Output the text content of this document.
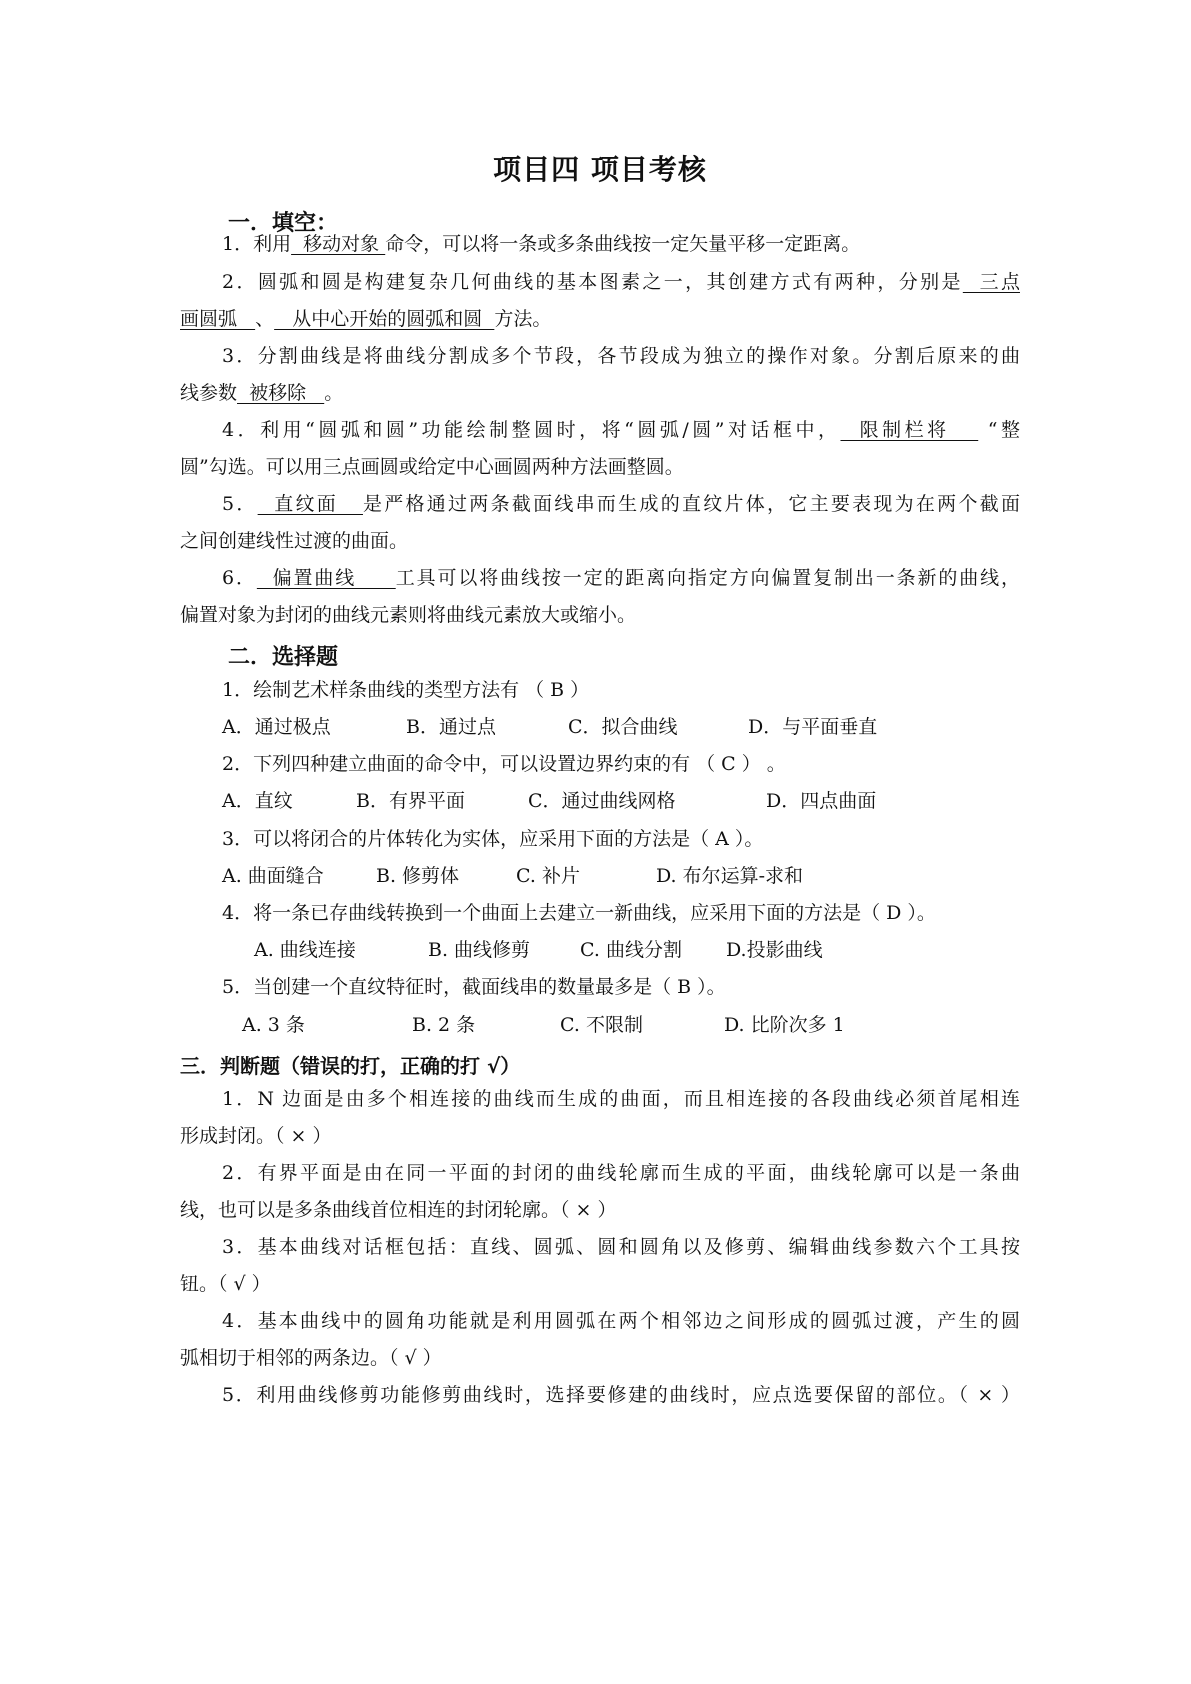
项目四 项目考核
一．填空：
1．利用  移动对象 命令，可以将一条或多条曲线按一定矢量平移一定距离。
2．圆弧和圆是构建复杂几何曲线的基本图素之一，其创建方式有两种，分别是  三点
画圆弧   、   从中心开始的圆弧和圆  方法。
3．分割曲线是将曲线分割成多个节段，各节段成为独立的操作对象。分割后原来的曲
线参数  被移除   。
4．利用“圆弧和圆”功能绘制整圆时，将“圆弧/圆”对话框中，  限制栏将    “整
圆”勾选。可以用三点画圆或给定中心画圆两种方法画整圆。
5．  直纹面   是严格通过两条截面线串而生成的直纹片体，它主要表现为在两个截面
之间创建线性过渡的曲面。
6．  偏置曲线     工具可以将曲线按一定的距离向指定方向偏置复制出一条新的曲线，
偏置对象为封闭的曲线元素则将曲线元素放大或缩小。
二．选择题
1．绘制艺术样条曲线的类型方法有 （ B ）
A．通过极点	B．通过点	C．拟合曲线	D．与平面垂直
2．下列四种建立曲面的命令中，可以设置边界约束的有 （ C ） 。
A．直纹	B．有界平面	C．通过曲线网格	D．四点曲面
3．可以将闭合的片体转化为实体，应采用下面的方法是（ A ）。
A. 曲面缝合	B. 修剪体	C. 补片	D. 布尔运算-求和
4．将一条已存曲线转换到一个曲面上去建立一新曲线，应采用下面的方法是（ D ）。
A. 曲线连接	B. 曲线修剪	C. 曲线分割 D.投影曲线
5．当创建一个直纹特征时，截面线串的数量最多是（ B ）。
A. 3 条	B. 2 条	C. 不限制	D. 比阶次多 1
三．判断题（错误的打，正确的打 √）
1．N 边面是由多个相连接的曲线而生成的曲面，而且相连接的各段曲线必须首尾相连
形成封闭。（ × ）
2．有界平面是由在同一平面的封闭的曲线轮廓而生成的平面，曲线轮廓可以是一条曲
线，也可以是多条曲线首位相连的封闭轮廓。（ × ）
3．基本曲线对话框包括：直线、圆弧、圆和圆角以及修剪、编辑曲线参数六个工具按
钮。（ √ ）
4．基本曲线中的圆角功能就是利用圆弧在两个相邻边之间形成的圆弧过渡，产生的圆
弧相切于相邻的两条边。（ √ ）
5．利用曲线修剪功能修剪曲线时，选择要修建的曲线时，应点选要保留的部位。（ × ）
